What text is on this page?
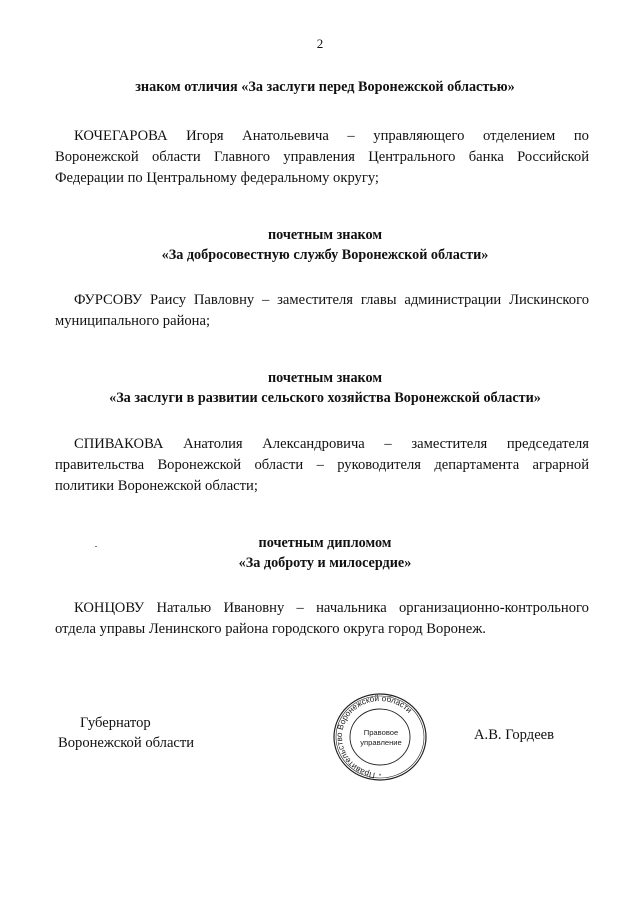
2
знаком отличия «За заслуги перед Воронежской областью»
КОЧЕГАРОВА Игоря Анатольевича – управляющего отделением по
Воронежской области Главного управления Центрального банка Российской
Федерации по Центральному федеральному округу;
почетным знаком
«За добросовестную службу Воронежской области»
ФУРСОВУ Раису Павловну – заместителя главы администрации Лискинского
муниципального района;
почетным знаком
«За заслуги в развитии сельского хозяйства Воронежской области»
СПИВАКОВА Анатолия Александровича – заместителя председателя
правительства Воронежской области – руководителя департамента аграрной
политики Воронежской области;
почетным дипломом
«За доброту и милосердие»
КОНЦОВУ Наталью Ивановну – начальника организационно-контрольного
отдела управы Ленинского района городского округа город Воронеж.
Губернатор
Воронежской области
Правительство Воронежской области
Правовое
управление
*
А.В. Гордеев
